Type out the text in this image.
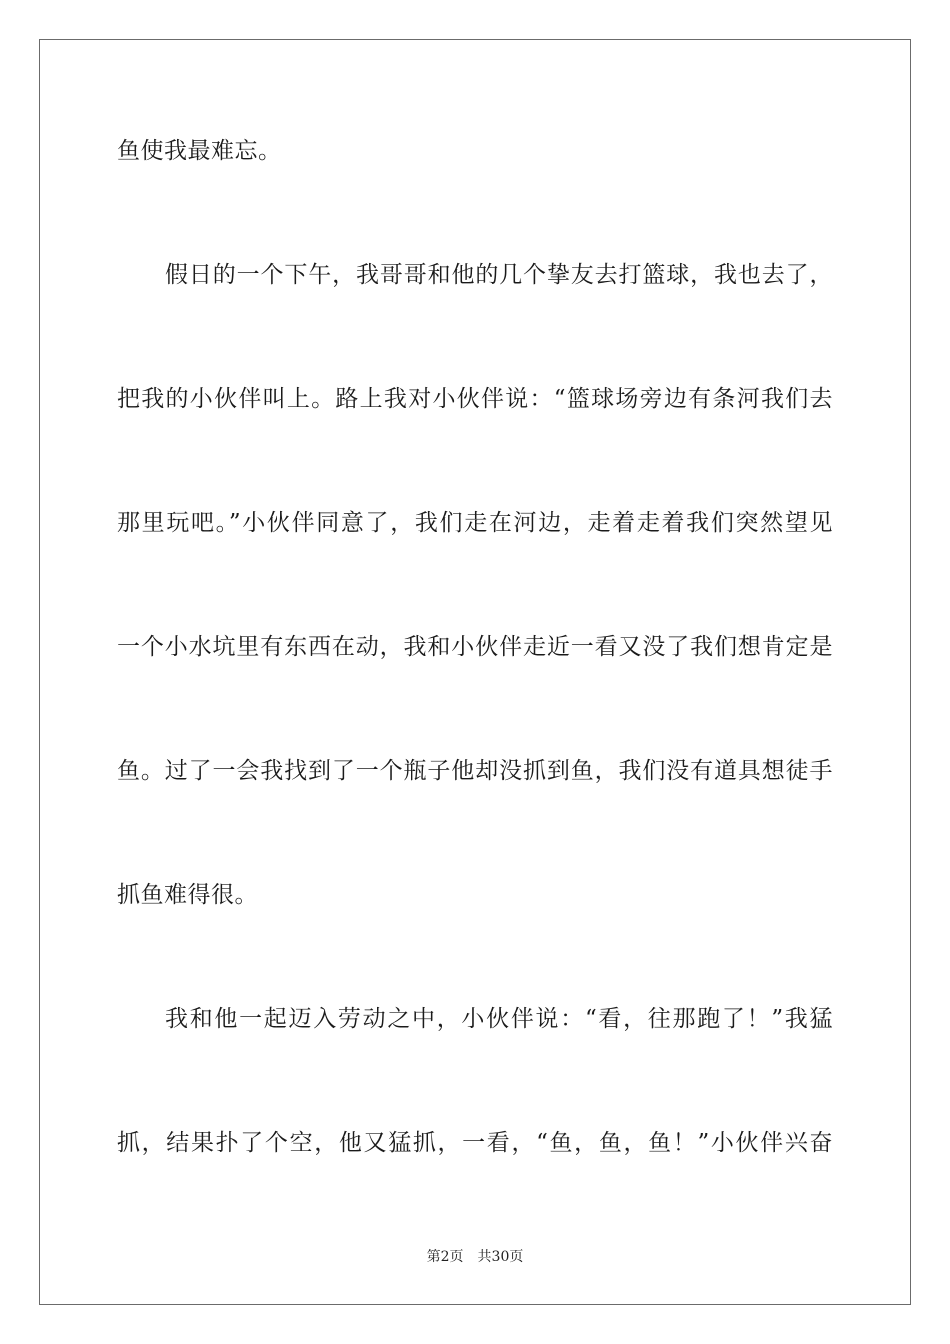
鱼使我最难忘。
假日的一个下午，我哥哥和他的几个挚友去打篮球，我也去了，
把我的小伙伴叫上。路上我对小伙伴说：“篮球场旁边有条河我们去
那里玩吧。”小伙伴同意了，我们走在河边，走着走着我们突然望见
一个小水坑里有东西在动，我和小伙伴走近一看又没了我们想肯定是
鱼。过了一会我找到了一个瓶子他却没抓到鱼，我们没有道具想徒手
抓鱼难得很。
我和他一起迈入劳动之中，小伙伴说：“看，往那跑了！”我猛
抓，结果扑了个空，他又猛抓，一看，“鱼，鱼，鱼！”小伙伴兴奋
第2页 共30页
